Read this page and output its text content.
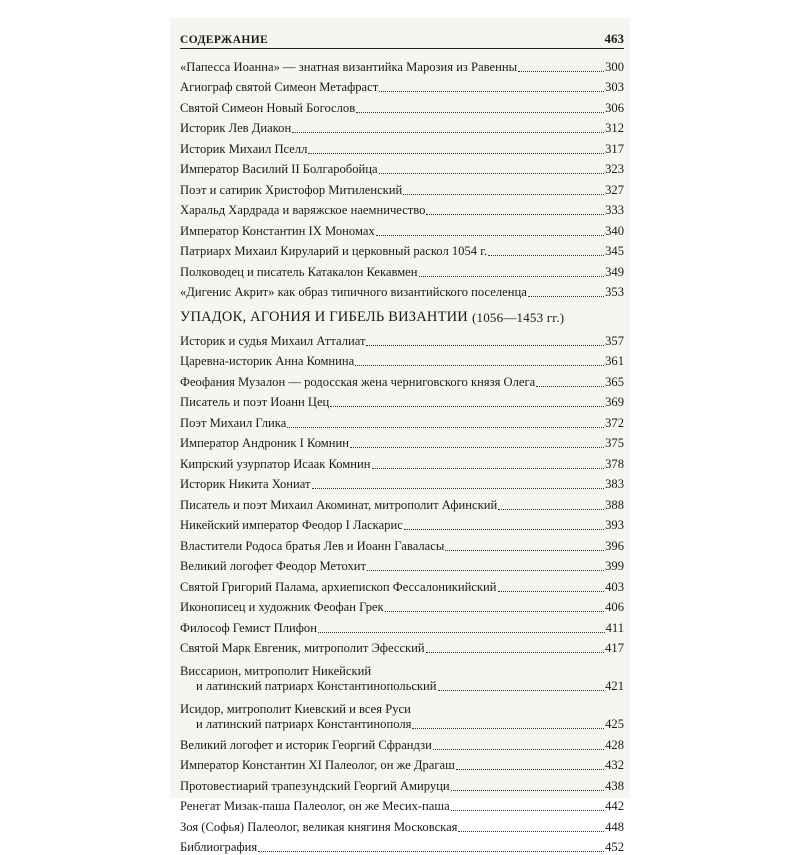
СОДЕРЖАНИЕ	463
«Папесса Иоанна» — знатная византийка Марозия из Равенны	300
Агиограф святой Симеон Метафраст	303
Святой Симеон Новый Богослов	306
Историк Лев Диакон	312
Историк Михаил Пселл	317
Император Василий II Болгаробойца	323
Поэт и сатирик Христофор Митиленский	327
Харальд Хардрада и варяжское наемничество	333
Император Константин IX Мономах	340
Патриарх Михаил Кируларий и церковный раскол 1054 г.	345
Полководец и писатель Катакалон Кекавмен	349
«Дигенис Акрит» как образ типичного византийского поселенца	353
УПАДОК, АГОНИЯ И ГИБЕЛЬ ВИЗАНТИИ (1056—1453 гг.)
Историк и судья Михаил Атталиат	357
Царевна-историк Анна Комнина	361
Феофания Музалон — родосская жена черниговского князя Олега	365
Писатель и поэт Иоанн Цец	369
Поэт Михаил Глика	372
Император Андроник I Комнин	375
Кипрский узурпатор Исаак Комнин	378
Историк Никита Хониат	383
Писатель и поэт Михаил Акоминат, митрополит Афинский	388
Никейский император Феодор I Ласкарис	393
Властители Родоса братья Лев и Иоанн Гавaласы	396
Великий логофет Феодор Метохит	399
Святой Григорий Палама, архиепископ Фессалоникийский	403
Иконописец и художник Феофан Грек	406
Философ Гемист Плифон	411
Святой Марк Евгеник, митрополит Эфесский	417
Виссарион, митрополит Никейский
и латинский патриарх Константинопольский	421
Исидор, митрополит Киевский и всея Руси
и латинский патриарх Константинополя	425
Великий логофет и историк Георгий Сфрандзи	428
Император Константин XI Палеолог, он же Драгаш	432
Протовестиарий трапезундский Георгий Амируци	438
Ренегат Мизак-паша Палеолог, он же Месих-паша	442
Зоя (Софья) Палеолог, великая княгиня Московская	448
Библиография	452
